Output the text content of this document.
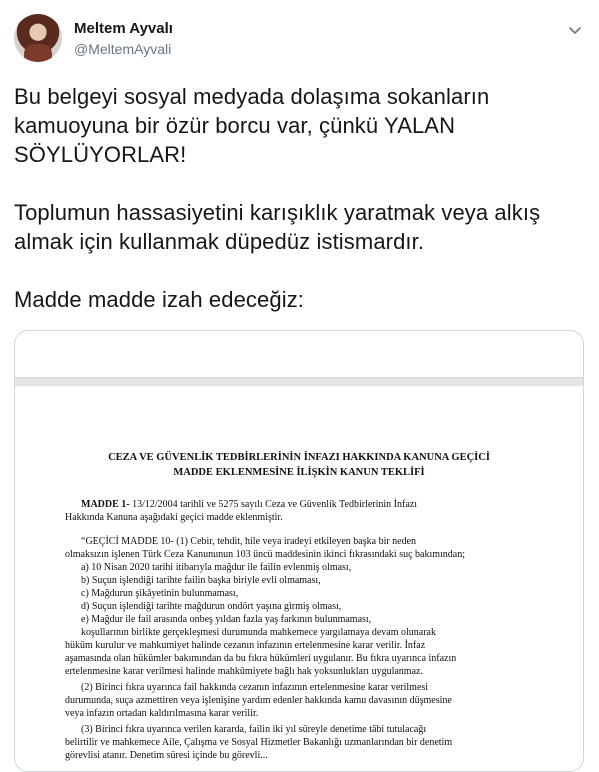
Meltem Ayvalı
@MeltemAyvali

Bu belgeyi sosyal medyada dolaşıma sokanların kamuoyuna bir özür borcu var, çünkü YALAN SÖYLÜYORLAR!

Toplumun hassasiyetini karışıklık yaratmak veya alkış almak için kullanmak düpedüz istismardır.

Madde madde izah edeceğiz:

CEZA VE GÜVENLİK TEDBİRLERİNİN İNFAZI HAKKINDA KANUNA GEÇİCİ
MADDE EKLENMESİNE İLİŞKİN KANUN TEKLİFİ
MADDE 1- 13/12/2004 tarihli ve 5275 sayılı Ceza ve Güvenlik Tedbirlerinin İnfazı
Hakkında Kanuna aşağıdaki geçici madde eklenmiştir.
“GEÇİCİ MADDE 10- (1) Cebir, tehdit, hile veya iradeyi etkileyen başka bir neden
olmaksızın işlenen Türk Ceza Kanununun 103 üncü maddesinin ikinci fıkrasındaki suç bakımından;
a) 10 Nisan 2020 tarihi itibarıyla mağdur ile failin evlenmiş olması,
b) Suçun işlendiği tarihte failin başka biriyle evli olmaması,
c) Mağdurun şikâyetinin bulunmaması,
d) Suçun işlendiği tarihte mağdurun ondört yaşına girmiş olması,
e) Mağdur ile fail arasında onbeş yıldan fazla yaş farkının bulunmaması,
koşullarının birlikte gerçekleşmesi durumunda mahkemece yargılamaya devam olunarak
hüküm kurulur ve mahkumiyet halinde cezanın infazının ertelenmesine karar verilir. İnfaz
aşamasında olan hükümler bakımından da bu fıkra hükümleri uygulanır. Bu fıkra uyarınca infazın
ertelenmesine karar verilmesi halinde mahkûmiyete bağlı hak yoksunlukları uygulanmaz.
(2) Birinci fıkra uyarınca fail hakkında cezanın infazının ertelenmesine karar verilmesi
durumunda, suça azmettiren veya işlenişine yardım edenler hakkında kamu davasının düşmesine
veya infazın ortadan kaldırılmasına karar verilir.
(3) Birinci fıkra uyarınca verilen kararda, failin iki yıl süreyle denetime tâbi tutulacağı
belirtilir ve mahkemece Aile, Çalışma ve Sosyal Hizmetler Bakanlığı uzmanlarından bir denetim
görevlisi atanır. Denetim süresi içinde bu görevli...
